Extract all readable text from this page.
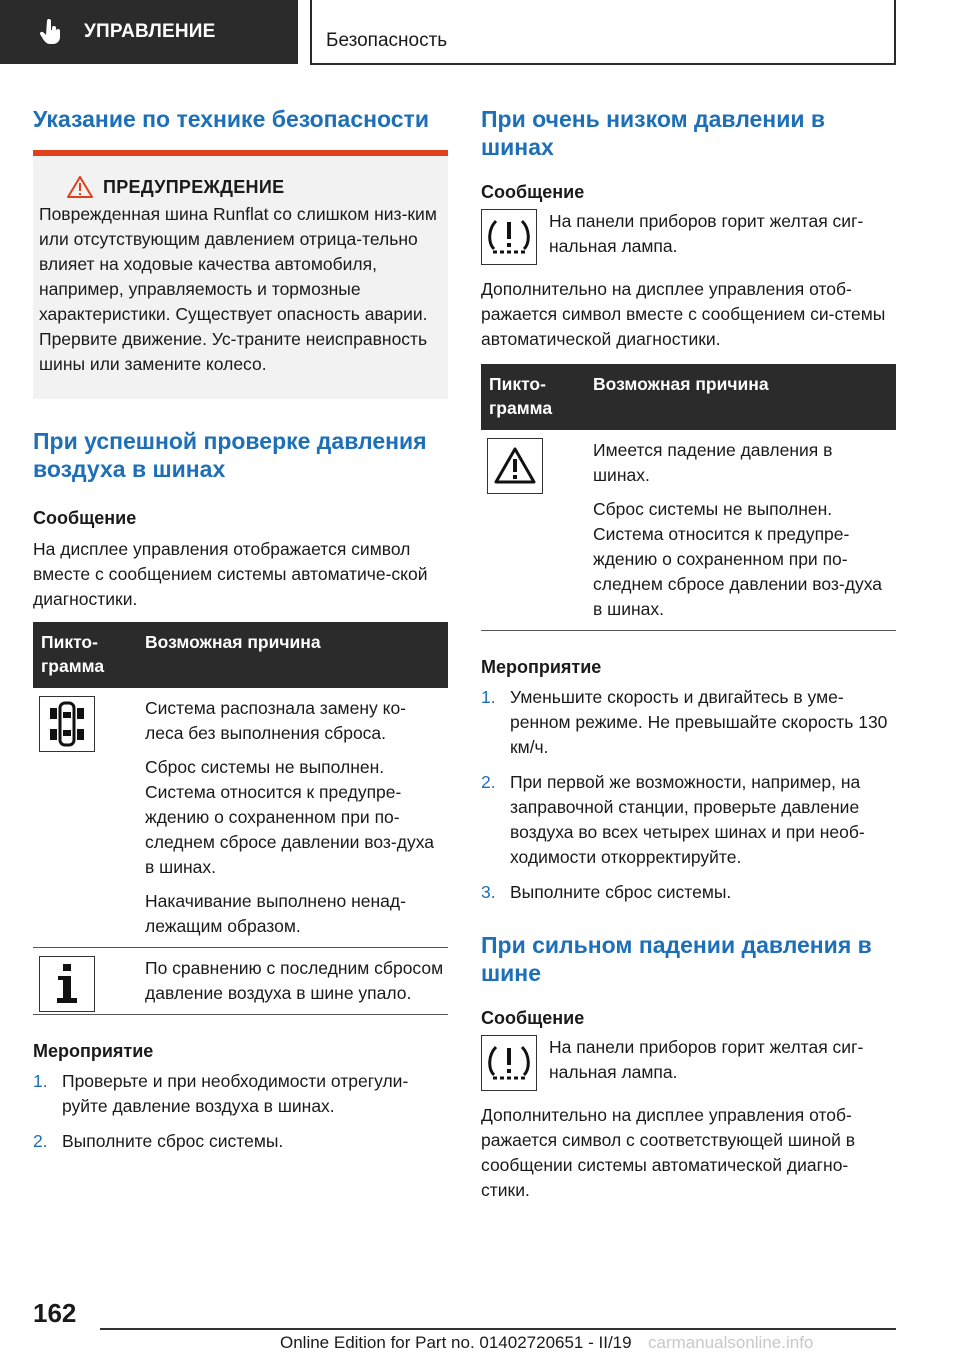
УПРАВЛЕНИЕ	Безопасность
Указание по технике безопасности
ПРЕДУПРЕЖДЕНИЕ

Поврежденная шина Runflat со слишком низ-ким или отсутствующим давлением отрица-тельно влияет на ходовые качества автомобиля, например, управляемость и тормозные характеристики. Существует опасность аварии. Прервите движение. Ус-траните неисправность шины или замените колесо.

При успешной проверке давления воздуха в шинах
Сообщение

На дисплее управления отображается символ вместе с сообщением системы автоматиче-ской диагностики.

Пикто-грамма
Возможная причина

Система распознала замену ко-леса без выполнения сброса.

Сброс системы не выполнен. Система относится к предупре-ждению о сохраненном при по-следнем сбросе давлении воз-духа в шинах.

Накачивание выполнено ненад-лежащим образом.

По сравнению с последним сбросом давление воздуха в шине упало.

Мероприятие
1. Проверьте и при необходимости отрегули-руйте давление воздуха в шинах.
2. Выполните сброс системы.
При очень низком давлении в шинах
Сообщение

На панели приборов горит желтая сиг-нальная лампа.

Дополнительно на дисплее управления отоб-ражается символ вместе с сообщением си-стемы автоматической диагностики.

Пикто-грамма
Возможная причина

Имеется падение давления в шинах.

Сброс системы не выполнен. Система относится к предупре-ждению о сохраненном при по-следнем сбросе давлении воз-духа в шинах.

Мероприятие
1. Уменьшите скорость и двигайтесь в уме-ренном режиме. Не превышайте скорость 130 км/ч.
2. При первой же возможности, например, на заправочной станции, проверьте давление воздуха во всех четырех шинах и при необ-ходимости откорректируйте.
3. Выполните сброс системы.
При сильном падении давления в шине
Сообщение

На панели приборов горит желтая сиг-нальная лампа.

Дополнительно на дисплее управления отоб-ражается символ с соответствующей шиной в сообщении системы автоматической диагно-стики.

162
Online Edition for Part no. 01402720651 - II/19 carmanualsonline.info
